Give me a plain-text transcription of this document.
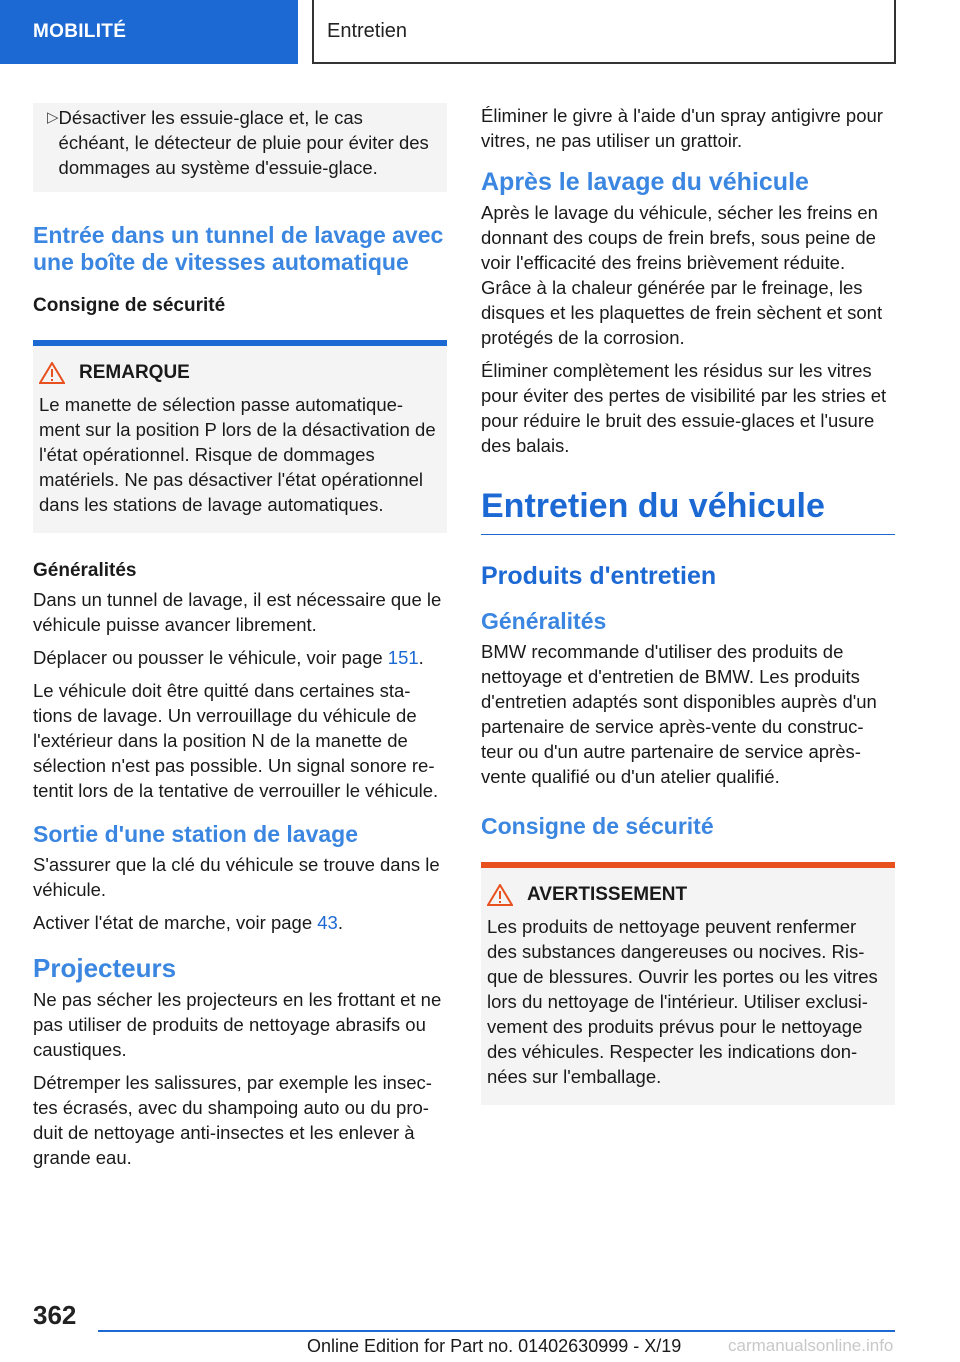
MOBILITÉ	Entretien
▷ Désactiver les essuie-glace et, le cas échéant, le détecteur de pluie pour éviter des dommages au système d'essuie-glace.
Entrée dans un tunnel de lavage avec une boîte de vitesses automatique
Consigne de sécurité
REMARQUE

Le manette de sélection passe automatique-ment sur la position P lors de la désactivation de l'état opérationnel. Risque de dommages matériels. Ne pas désactiver l'état opérationnel dans les stations de lavage automatiques.

Généralités

Dans un tunnel de lavage, il est nécessaire que le véhicule puisse avancer librement.

Déplacer ou pousser le véhicule, voir page 151.

Le véhicule doit être quitté dans certaines sta-tions de lavage. Un verrouillage du véhicule de l'extérieur dans la position N de la manette de sélection n'est pas possible. Un signal sonore re-tentit lors de la tentative de verrouiller le véhicule.

Sortie d'une station de lavage

S'assurer que la clé du véhicule se trouve dans le véhicule.

Activer l'état de marche, voir page 43.

Projecteurs

Ne pas sécher les projecteurs en les frottant et ne pas utiliser de produits de nettoyage abrasifs ou caustiques.

Détremper les salissures, par exemple les insec-tes écrasés, avec du shampoing auto ou du pro-duit de nettoyage anti-insectes et les enlever à grande eau.

Éliminer le givre à l'aide d'un spray antigivre pour vitres, ne pas utiliser un grattoir.

Après le lavage du véhicule

Après le lavage du véhicule, sécher les freins en donnant des coups de frein brefs, sous peine de voir l'efficacité des freins brièvement réduite. Grâce à la chaleur générée par le freinage, les disques et les plaquettes de frein sèchent et sont protégés de la corrosion.

Éliminer complètement les résidus sur les vitres pour éviter des pertes de visibilité par les stries et pour réduire le bruit des essuie-glaces et l'usure des balais.

Entretien du véhicule
Produits d'entretien
Généralités

BMW recommande d'utiliser des produits de nettoyage et d'entretien de BMW. Les produits d'entretien adaptés sont disponibles auprès d'un partenaire de service après-vente du construc-teur ou d'un autre partenaire de service après-vente qualifié ou d'un atelier qualifié.

Consigne de sécurité
AVERTISSEMENT

Les produits de nettoyage peuvent renfermer des substances dangereuses ou nocives. Ris-que de blessures. Ouvrir les portes ou les vitres lors du nettoyage de l'intérieur. Utiliser exclusi-vement des produits prévus pour le nettoyage des véhicules. Respecter les indications don-nées sur l'emballage.

362
Online Edition for Part no. 01402630999 - X/19	carmanualsonline.info
